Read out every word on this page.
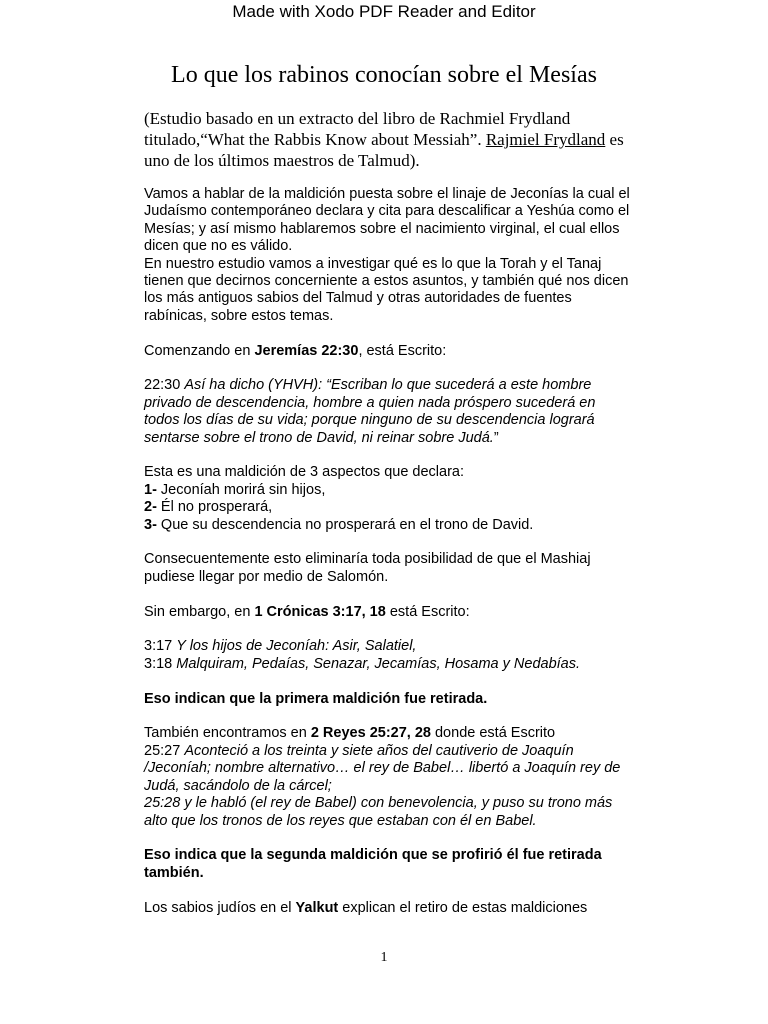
Made with Xodo PDF Reader and Editor
Lo que los rabinos conocían sobre el Mesías
(Estudio basado en un extracto del libro de Rachmiel Frydland titulado,“What the Rabbis Know about Messiah”. Rajmiel Frydland es uno de los últimos maestros de Talmud).

Vamos a hablar de la maldición puesta sobre el linaje de Jeconías la cual el Judaísmo contemporáneo declara y cita para descalificar a Yeshúa como el Mesías; y así mismo hablaremos sobre el nacimiento virginal, el cual ellos dicen que no es válido.

En nuestro estudio vamos a investigar qué es lo que la Torah y el Tanaj tienen que decirnos concerniente a estos asuntos, y también qué nos dicen los más antiguos sabios del Talmud y otras autoridades de fuentes rabínicas, sobre estos temas.

Comenzando en Jeremías 22:30, está Escrito:

22:30 Así ha dicho (YHVH): “Escriban lo que sucederá a este hombre privado de descendencia, hombre a quien nada próspero sucederá en todos los días de su vida; porque ninguno de su descendencia logrará sentarse sobre el trono de David, ni reinar sobre Judá.”

Esta es una maldición de 3 aspectos que declara:

1- Jeconíah morirá sin hijos,

2- Él no prosperará,

3- Que su descendencia no prosperará en el trono de David.

Consecuentemente esto eliminaría toda posibilidad de que el Mashiaj pudiese llegar por medio de Salomón.

Sin embargo, en 1 Crónicas 3:17, 18 está Escrito:

3:17 Y los hijos de Jeconíah: Asir, Salatiel,

3:18 Malquiram, Pedaías, Senazar, Jecamías, Hosama y Nedabías.

Eso indican que la primera maldición fue retirada.

También encontramos en 2 Reyes 25:27, 28 donde está Escrito

25:27 Aconteció a los treinta y siete años del cautiverio de Joaquín /Jeconíah; nombre alternativo… el rey de Babel… libertó a Joaquín rey de Judá, sacándolo de la cárcel;

25:28 y le habló (el rey de Babel) con benevolencia, y puso su trono más alto que los tronos de los reyes que estaban con él en Babel.

Eso indica que la segunda maldición que se profirió él fue retirada también.

Los sabios judíos en el Yalkut explican el retiro de estas maldiciones

1
